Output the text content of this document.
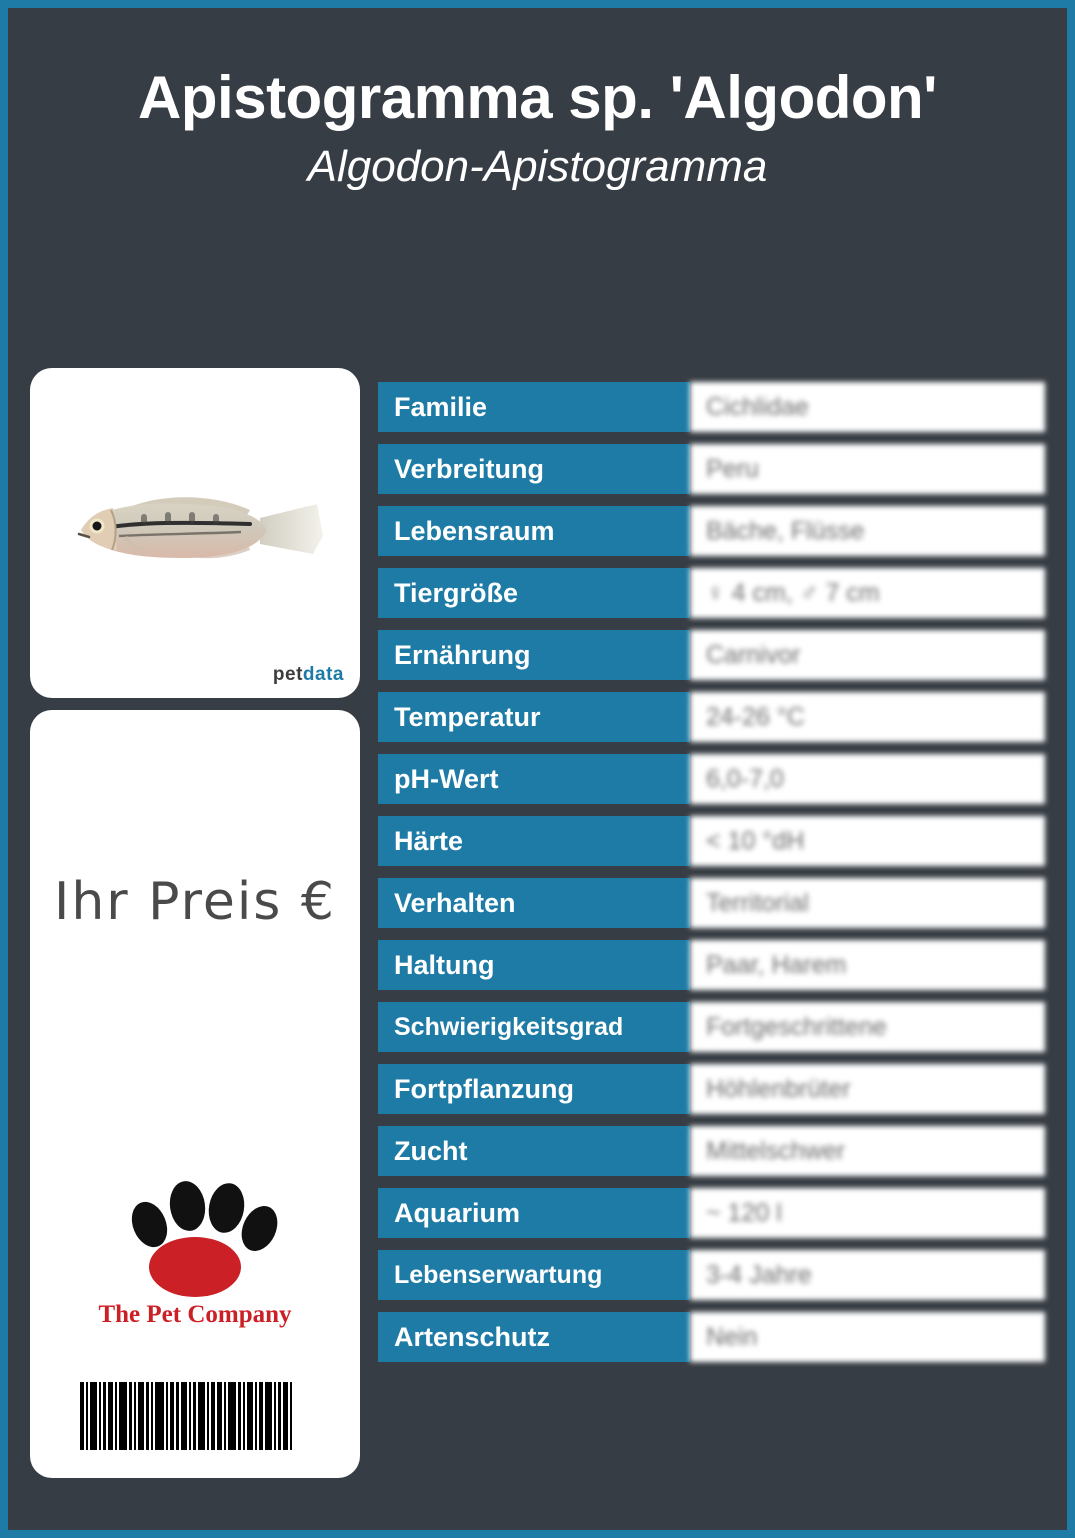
Apistogramma sp. 'Algodon'
Algodon-Apistogramma
petdata
Ihr Preis €
The Pet Company
Familie	Cichlidae
Verbreitung	Peru
Lebensraum	Bäche, Flüsse
Tiergröße	♀ 4 cm, ♂ 7 cm
Ernährung	Carnivor
Temperatur	24-26 °C
pH-Wert	6,0-7,0
Härte	< 10 °dH
Verhalten	Territorial
Haltung	Paar, Harem
Schwierigkeitsgrad	Fortgeschrittene
Fortpflanzung	Höhlenbrüter
Zucht	Mittelschwer
Aquarium	~ 120 l
Lebenserwartung	3-4 Jahre
Artenschutz	Nein
